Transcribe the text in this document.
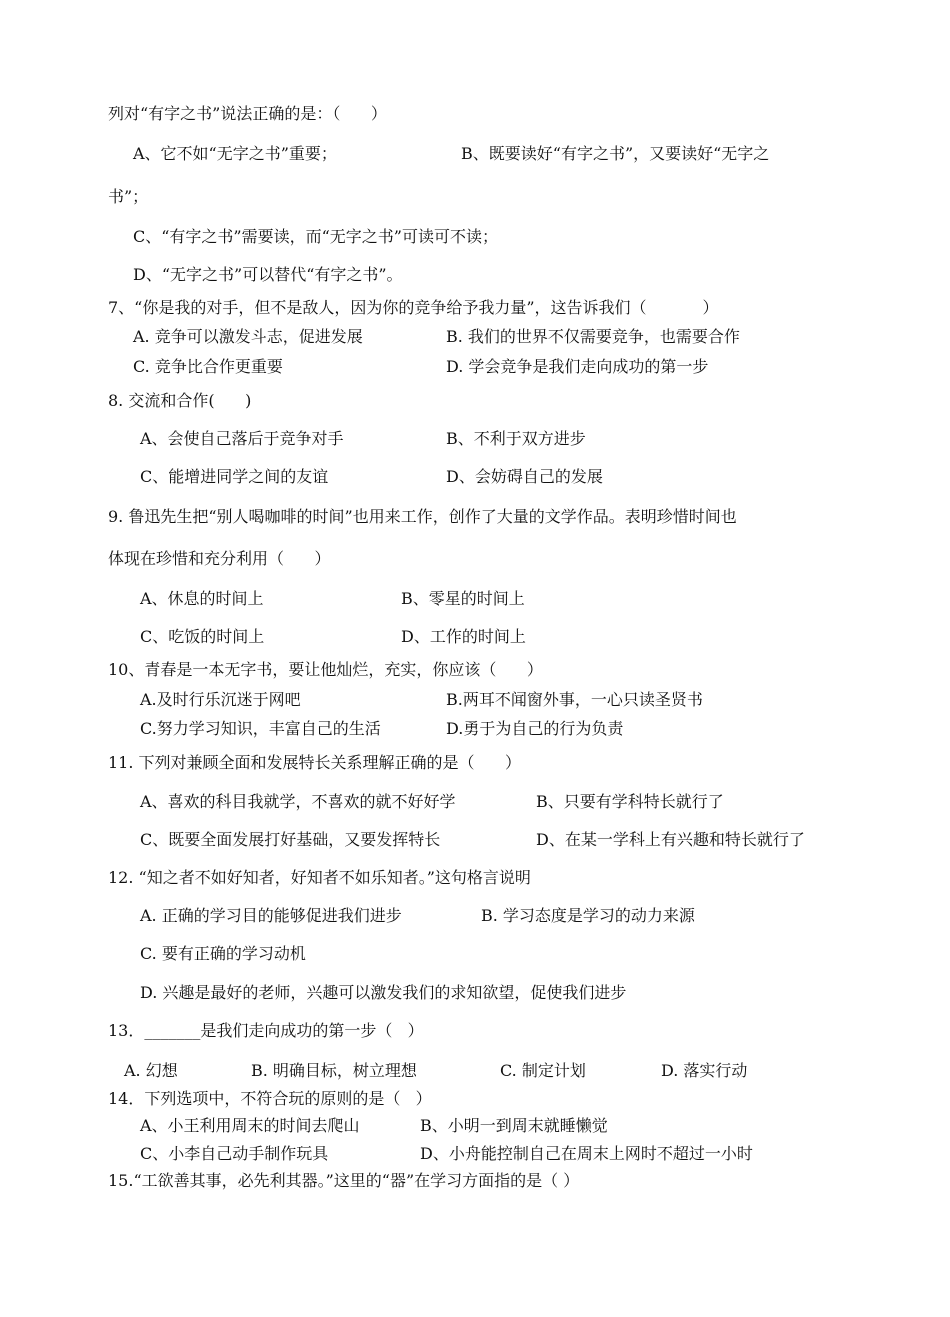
列对“有字之书”说法正确的是：（      ）
A、它不如“无字之书”重要；	B、既要读好“有字之书”，又要读好“无字之
书”；
C、“有字之书”需要读，而“无字之书”可读可不读；
D、“无字之书”可以替代“有字之书”。
7、“你是我的对手，但不是敌人，因为你的竞争给予我力量”，这告诉我们（           ）
A. 竞争可以激发斗志，促进发展	B. 我们的世界不仅需要竞争，也需要合作
C. 竞争比合作更重要	D. 学会竞争是我们走向成功的第一步
8. 交流和合作(      )
A、会使自己落后于竞争对手	B、不利于双方进步
C、能增进同学之间的友谊	D、会妨碍自己的发展
9. 鲁迅先生把“别人喝咖啡的时间”也用来工作，创作了大量的文学作品。表明珍惜时间也
体现在珍惜和充分利用（      ）
A、休息的时间上	B、零星的时间上
C、吃饭的时间上	D、工作的时间上
10、青春是一本无字书，要让他灿烂，充实，你应该（      ）
A.及时行乐沉迷于网吧	B.两耳不闻窗外事，一心只读圣贤书
C.努力学习知识，丰富自己的生活	D.勇于为自己的行为负责
11. 下列对兼顾全面和发展特长关系理解正确的是（      ）
A、喜欢的科目我就学，不喜欢的就不好好学	B、只要有学科特长就行了
C、既要全面发展打好基础，又要发挥特长	D、在某一学科上有兴趣和特长就行了
12. “知之者不如好知者，好知者不如乐知者。”这句格言说明
A. 正确的学习目的能够促进我们进步	B. 学习态度是学习的动力来源
C. 要有正确的学习动机
D. 兴趣是最好的老师，兴趣可以激发我们的求知欲望，促使我们进步
13．_______是我们走向成功的第一步（   ）
A. 幻想	B. 明确目标，树立理想	C. 制定计划	D. 落实行动
14．下列选项中，不符合玩的原则的是（   ）
A、小王利用周末的时间去爬山	B、小明一到周末就睡懒觉
C、小李自己动手制作玩具	D、小舟能控制自己在周末上网时不超过一小时
15.“工欲善其事，必先利其器。”这里的“器”在学习方面指的是（ ）
